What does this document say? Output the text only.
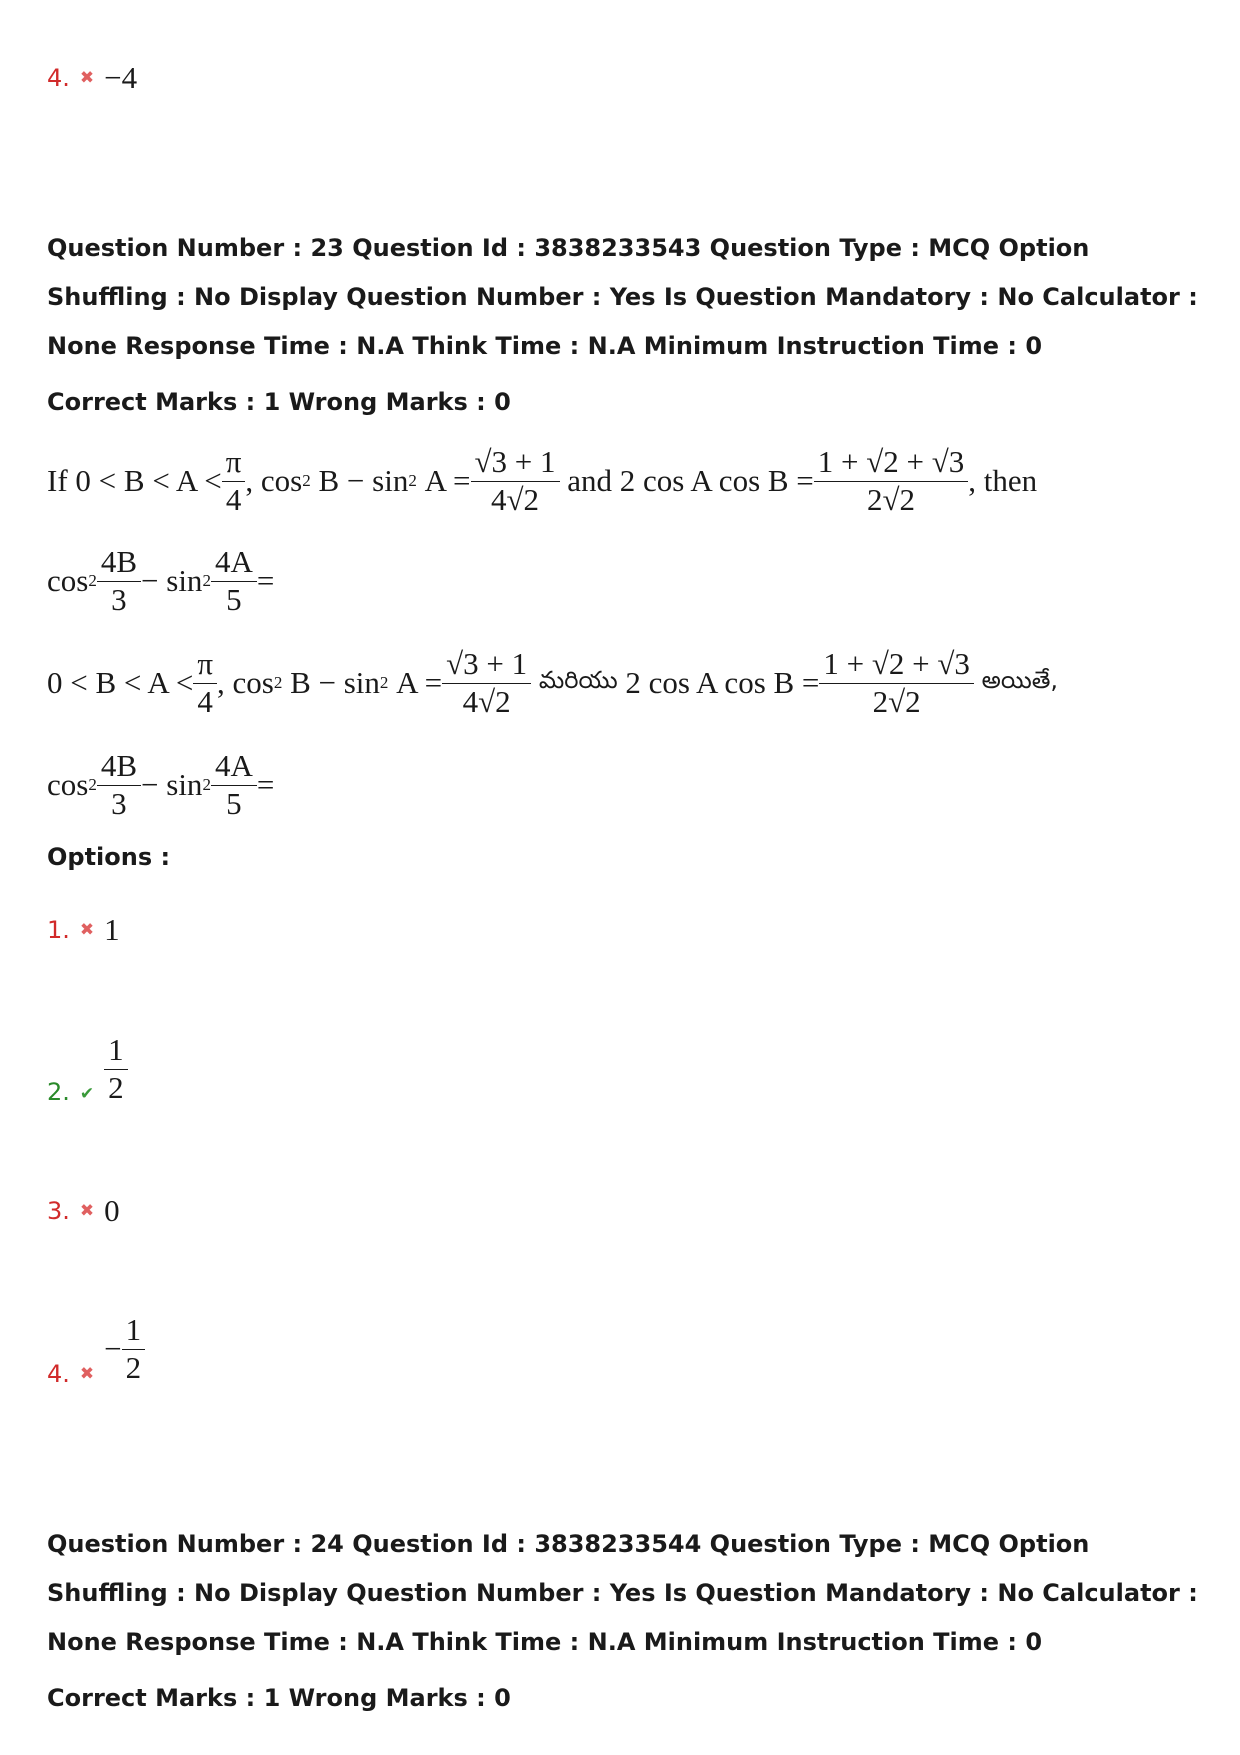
4. ✖ −4

Question Number : 23 Question Id : 3838233543 Question Type : MCQ Option Shuffling : No Display Question Number : Yes Is Question Mandatory : No Calculator : None Response Time : N.A Think Time : N.A Minimum Instruction Time : 0

Correct Marks : 1 Wrong Marks : 0
If
$0 < B < A < \frac{\pi}{4}$ , cos 2
B − sin 2
$A = \frac{√3 + 1}{4√2}$
and
2 cos A $\cos B = \frac{1 + √2 + √3}{2√2}$ , then
$\cos 2 \frac{4B}{3} - \sin 2 \frac{4A}{5}$ =
$0 < B < A < \frac{\pi}{4}$ , cos 2
B − sin 2
$A = \frac{√3 + 1}{4√2}$
మరియు
2 cos A $\cos B = \frac{1 + √2 + √3}{2√2}$
అయితే,
$\cos 2 \frac{4B}{3} - \sin 2 \frac{4A}{5}$ =
Options :
1. ✖ 1
2. ✔ $\frac{1}{2}$
3. ✖ 0
4. ✖
− $\frac{1}{2}$

Question Number : 24 Question Id : 3838233544 Question Type : MCQ Option Shuffling : No Display Question Number : Yes Is Question Mandatory : No Calculator : None Response Time : N.A Think Time : N.A Minimum Instruction Time : 0

Correct Marks : 1 Wrong Marks : 0
